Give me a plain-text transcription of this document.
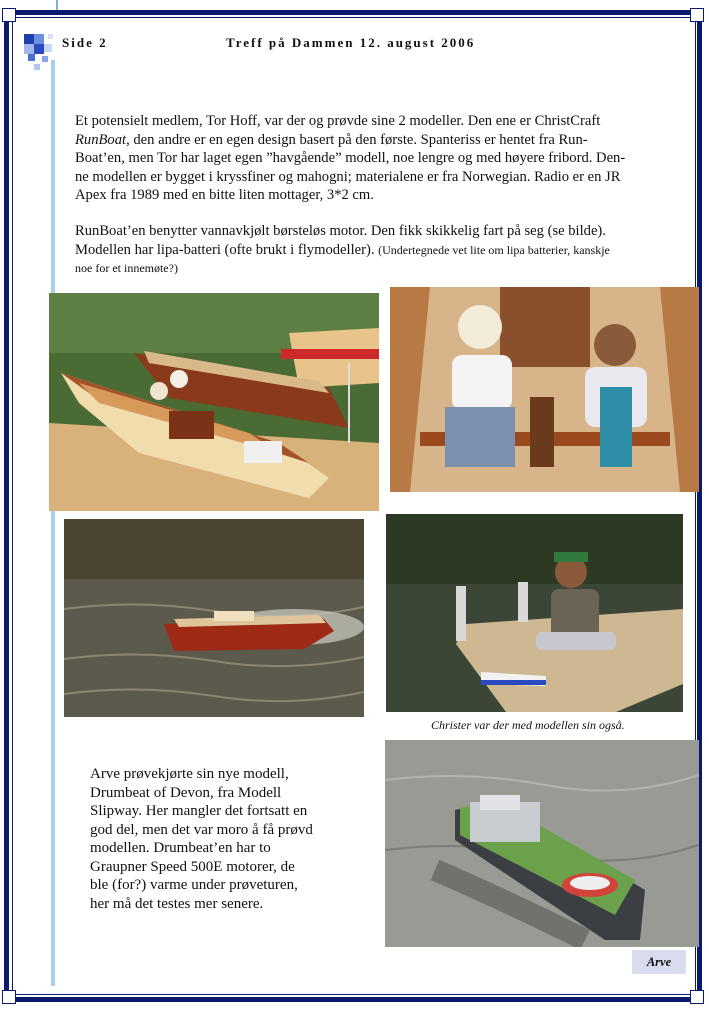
Side 2	Treff på Dammen 12. august 2006
Et potensielt medlem, Tor Hoff, var der og prøvde sine 2 modeller. Den ene er ChristCraft
RunBoat, den andre er en egen design basert på den første. Spanteriss er hentet fra Run-
Boat’en, men Tor har laget egen ”havgående” modell, noe lengre og med høyere fribord. Den-
ne modellen er bygget i kryssfiner og mahogni; materialene er fra Norwegian. Radio er en JR
Apex fra 1989 med en bitte liten mottager, 3*2 cm.
RunBoat’en benytter vannavkjølt børsteløs motor. Den fikk skikkelig fart på seg (se bilde).
Modellen har lipa-batteri (ofte brukt i flymodeller). (Undertegnede vet lite om lipa batterier, kanskje
noe for et innemøte?)
Christer var der med modellen sin også.
Arve prøvekjørte sin nye modell,
Drumbeat of Devon, fra Modell
Slipway. Her mangler det fortsatt en
god del, men det var moro å få prøvd
modellen. Drumbeat’en har to
Graupner Speed 500E motorer, de
ble (for?) varme under prøveturen,
her må det testes mer senere.
Arve
